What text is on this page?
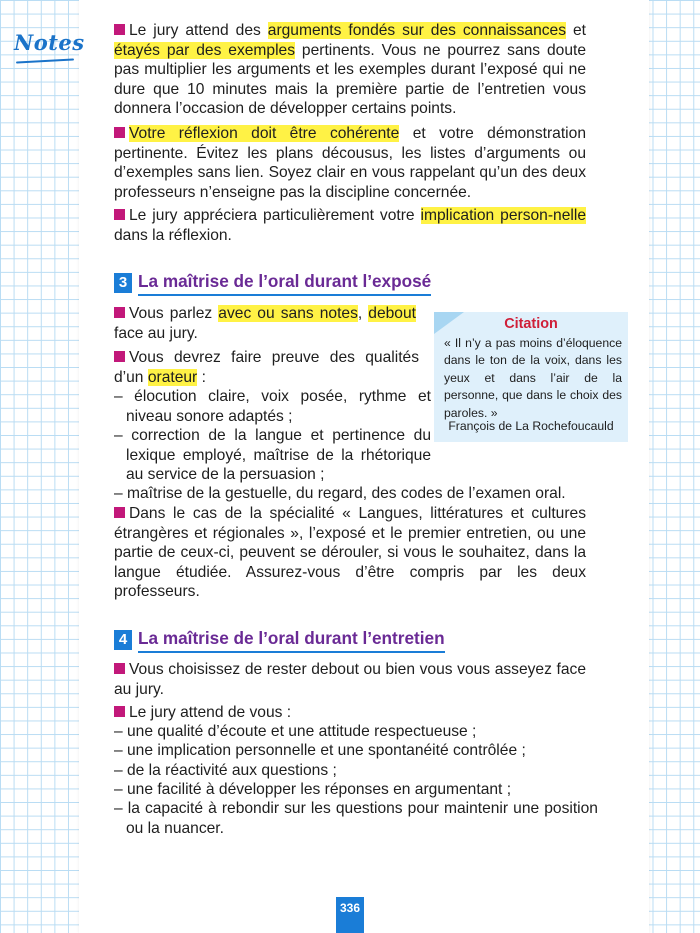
Notes	Le jury attend des arguments fondés sur des connaissances et étayés par des exemples pertinents. Vous ne pourrez sans doute pas multiplier les arguments et les exemples durant l’exposé qui ne dure que 10 minutes mais la première partie de l’entretien vous donnera l’occasion de développer certains points.

Votre réflexion doit être cohérente et votre démonstration pertinente. Évitez les plans décousus, les listes d’arguments ou d’exemples sans lien. Soyez clair en vous rappelant qu’un des deux professeurs n’enseigne pas la discipline concernée.

Le jury appréciera particulièrement votre implication person-nelle dans la réflexion.

3 La maîtrise de l’oral durant l’exposé

Vous parlez avec ou sans notes, debout face au jury.

Vous devrez faire preuve des qualités d’un orateur :

– élocution claire, voix posée, rythme et niveau sonore adaptés ;

– correction de la langue et pertinence du lexique employé, maîtrise de la rhétorique au service de la persuasion ;

– maîtrise de la gestuelle, du regard, des codes de l’examen oral.

Dans le cas de la spécialité « Langues, littératures et cultures étrangères et régionales », l’exposé et le premier entretien, ou une partie de ceux-ci, peuvent se dérouler, si vous le souhaitez, dans la langue étudiée. Assurez-vous d’être compris par les deux professeurs.

4 La maîtrise de l’oral durant l’entretien

Vous choisissez de rester debout ou bien vous vous asseyez face au jury.

Le jury attend de vous :

– une qualité d’écoute et une attitude respectueuse ;

– une implication personnelle et une spontanéité contrôlée ;

– de la réactivité aux questions ;

– une facilité à développer les réponses en argumentant ;

– la capacité à rebondir sur les questions pour maintenir une position ou la nuancer.

Citation
« Il n’y a pas moins d’éloquence dans le ton de la voix, dans les yeux et dans l’air de la personne, que dans le choix des paroles. »
François de La Rochefoucauld
336
